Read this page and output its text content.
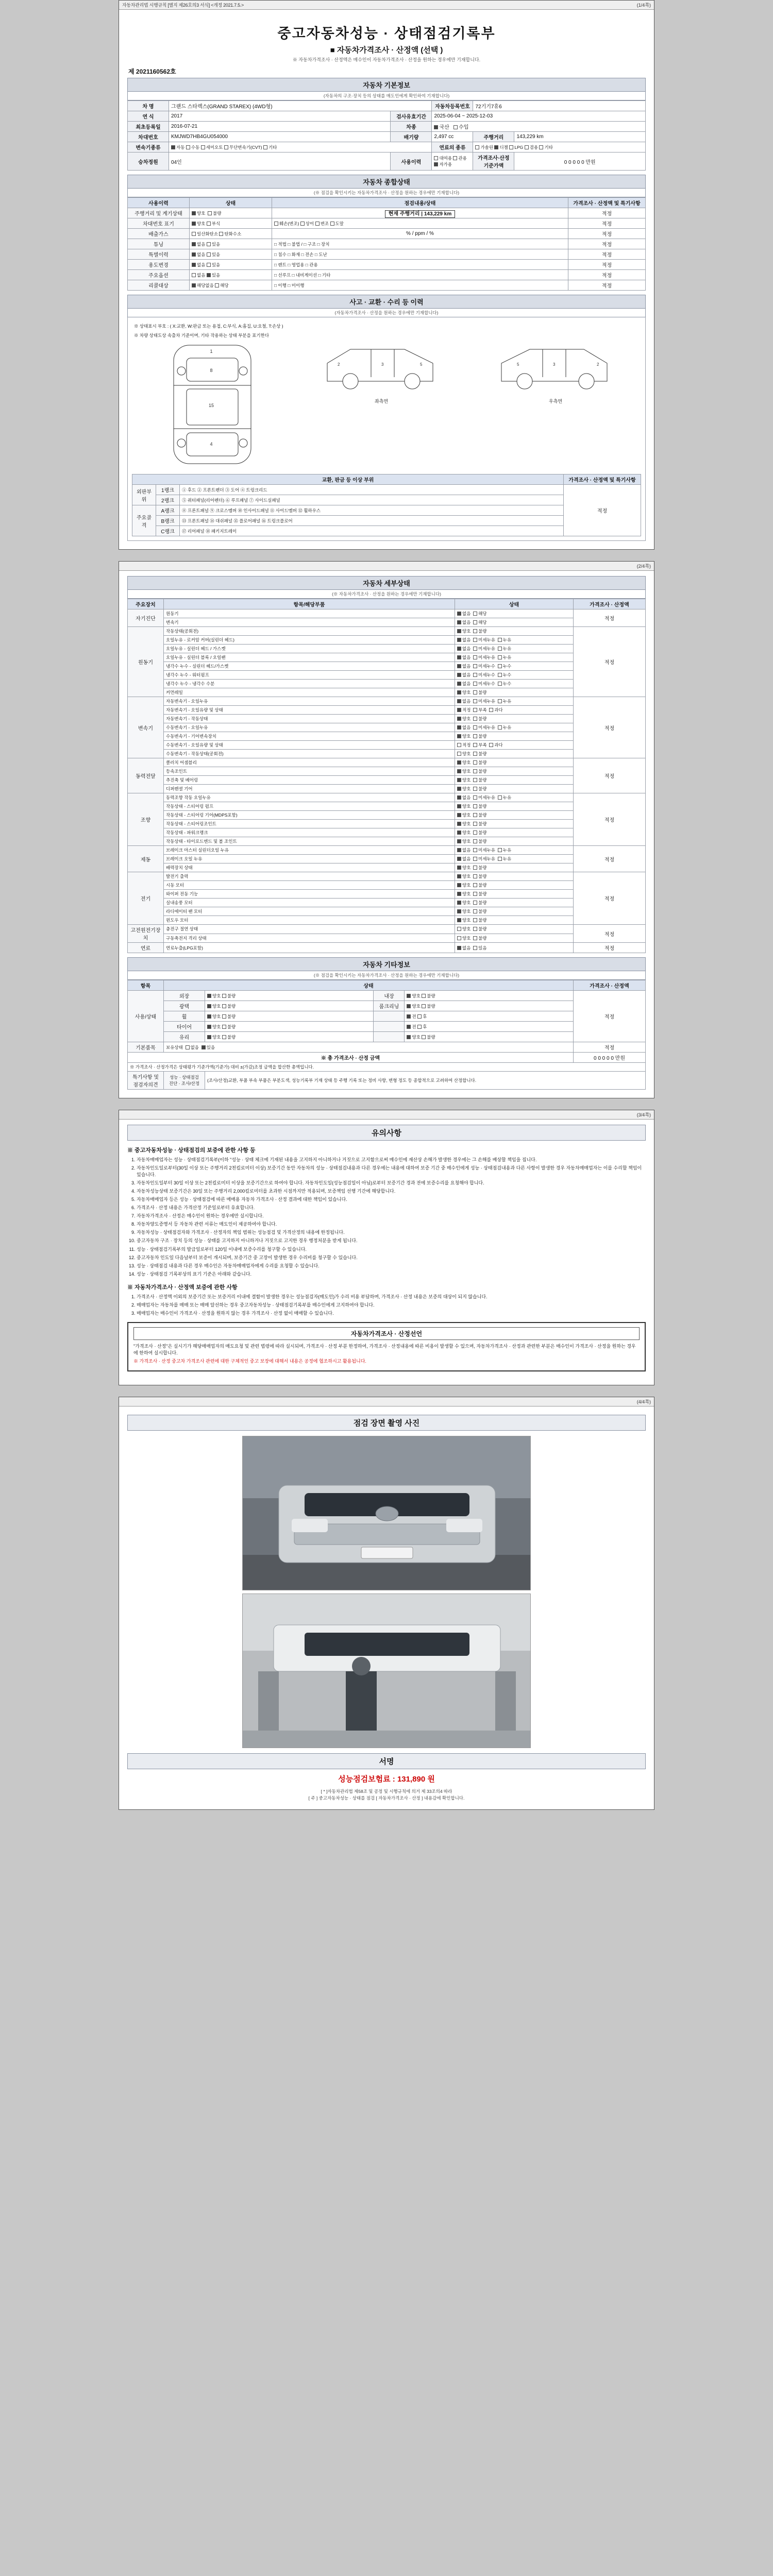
자동차관리법 시행규칙 [별지 제26호의3 서식] <개정 2021.7.5.>	(1/4쪽)
중고자동차성능 · 상태점검기록부
■ 자동차가격조사 · 산정액 (선택 )
※ 자동차가격조사 · 산정액은 매수인이 자동차가격조사 · 산정을 원하는 경우에만 기재합니다.
제 2021160562호
자동차 기본정보
(자동차의 구조·장치 등의 상태를 매도인에게 확인하여 기재합니다)
차 명	그랜드 스타렉스(GRAND STAREX) (4WD형)		자동차등록번호	72기기7휴6	
연 식	2017	검사유효기간	2025-06-04 ~ 2025-12-03		
최초등록일	2016-07-21	차종	국산 수입		
차대번호	KMJWD7HB4GU054000	배기량	2,497 cc	주행거리	143,229 km
변속기종류	자동 수동 세미오토 무단변속기(CVT) 기타		연료의 종류	가솔린 디젤 LPG 겸용 기타	
승차정원	04인	사용이력	대여용 관용 자가용	가격조사·산정 기준가액	0 0 0 0 0 만원
자동차 종합상태
(※ 점검을 확인시키는 자동차가격조사 · 산정을 원하는 경우에만 기재합니다)
사용이력	상태	점검내용/상태	가격조사 · 산정액 및 특기사항
주행거리 및 계기상태	양호 불량	현재 주행거리 | 143,229 km	적정
차대번호 표기	양호 부식	훼손(변조) 상이 변조 도말	적정
배출가스	일산화탄소 탄화수소	% / ppm / %	적정
튜닝	없음 있음	□ 적법 □ 불법 / □ 구조 □ 장치	적정
특별이력	없음 있음	□ 침수 □ 화재 □ 전손 □ 도난	적정
용도변경	없음 있음	□ 렌트 □ 영업용 □ 관용	적정
주요옵션	없음 있음	□ 선루프 □ 내비게이션 □ 기타	적정
리콜대상	해당없음 해당	□ 이행 □ 미이행	적정
사고 · 교환 · 수리 등 이력
(자동차가격조사 · 산정을 원하는 경우에만 기재합니다)
※ 상태표시 부호 : ( X:교환, W:판금 또는 용접, C:부식, A:흠집, U:요철, T:손상 )
※ 차량 상태도상 속출차 기준이며, 기타 작용하는 상태 부분을 표기한다
1
8
15
4
2	3	5
좌측면
5	3	2
우측면
교환, 판금 등 이상 부위			가격조사 · 산정액 및 특기사항
외판부위	1랭크	① 후드 ② 프론트펜더 ③ 도어 ④ 트렁크리드	적정
	2랭크	⑤ 쿼터패널(리어펜더) ⑥ 루프패널 ⑦ 사이드실패널	
주요골격	A랭크	⑧ 프론트패널 ⑨ 크로스멤버 ⑩ 인사이드패널 ⑪ 사이드멤버 ⑫ 휠하우스	
	B랭크	⑬ 프론트패널 ⑭ 대쉬패널 ⑮ 플로어패널 ⑯ 트렁크플로어	
	C랭크	⑰ 리어패널 ⑱ 패키지트레이	
(2/4쪽)
자동차 세부상태
(※ 자동차가격조사 · 산정을 원하는 경우에만 기재합니다)
주요장치	항목/해당부품	상태	가격조사 · 산정액
자기진단	원동기	없음 해당	적정
	변속기	없음 해당	
원동기	작동상태(공회전)	양호 불량	적정
	오일누유 - 로커암 커버(실린더 헤드)	없음 미세누유 누유	
	오일누유 - 실린더 헤드 / 가스켓	없음 미세누유 누유	
	오일누유 - 실린더 블록 / 오일팬	없음 미세누유 누유	
	냉각수 누수 - 실린더 헤드/가스켓	없음 미세누수 누수	
	냉각수 누수 - 워터펌프	없음 미세누수 누수	
	냉각수 누수 - 냉각수 수분	없음 미세누수 누수	
	커먼레일	양호 불량	
변속기	자동변속기 - 오일누유	없음 미세누유 누유	적정
	자동변속기 - 오일유량 및 상태	적정 부족 과다	
	자동변속기 - 작동상태	양호 불량	
	수동변속기 - 오일누유	없음 미세누유 누유	
	수동변속기 - 기어변속장치	양호 불량	
	수동변속기 - 오일유량 및 상태	적정 부족 과다	
	수동변속기 - 작동상태(공회전)	양호 불량	
동력전달	클러치 어셈블리	양호 불량	적정
	등속조인트	양호 불량	
	추진축 및 베어링	양호 불량	
	디퍼렌셜 기어	양호 불량	
조향	동력조향 작동 오일누유	없음 미세누유 누유	적정
	작동상태 - 스티어링 펌프	양호 불량	
	작동상태 - 스티어링 기어(MDPS포함)	양호 불량	
	작동상태 - 스티어링조인트	양호 불량	
	작동상태 - 파워크랭크	양호 불량	
	작동상태 - 타이로드엔드 및 볼 조인트	양호 불량	
제동	브레이크 마스터 실린더오일 누유	없음 미세누유 누유	적정
	브레이크 오일 누유	없음 미세누유 누유	
	배력장치 상태	양호 불량	
전기	발전기 출력	양호 불량	적정
	시동 모터	양호 불량	
	와이퍼 전동 기능	양호 불량	
	실내송풍 모터	양호 불량	
	라디에이터 팬 모터	양호 불량	
	윈도우 모터	양호 불량	
고전원전기장치	충전구 절연 상태	양호 불량	적정
	구동축전지 격리 상태	양호 불량	
연료	연료누출(LPG포함)	없음 있음	적정
자동차 기타정보
(※ 점검을 확인시키는 자동차가격조사 · 산정을 원하는 경우에만 기재합니다)
항목	상태				가격조사 · 산정액
사용/상태	외장	양호 불량	내장	양호 불량	적정
	광택	양호 불량	룸크리닝	양호 불량	
	휠	양호 불량		전 후	
	타이어	양호 불량		전 후	
	유리	양호 불량		양호 불량	
기본품목	보유상태 없음 있음				적정
※ 총 가격조사 · 산정 금액					0 0 0 0 0 만원
※ 가격조사 · 산정가격은 상태평가 기준가액(기준가) 대비 ±(가감)조정 금액을 합산한 총액입니다.					
특기사항 및 점검자의견	성능 · 상태점검
진단 · 조사/산정	(조사/산정)교환, 부품 부속 부품은 부분도색, 성능기록부 기재 상태 등 주행 기록 또는 정비 사항, 변형 정도 등 종합적으로 고려하여 산정합니다.			
(3/4쪽)
유의사항
※ 중고자동차성능 · 상태점검의 보증에 관한 사항 등
1. 자동차매매업자는 성능 · 상태점검기록부(이하 "성능 · 상태 체크에 기재된 내용을 고지하지 아니하거나 거짓으로 고지함으로써 매수인에 재산상 손해가 발생한 경우에는 그 손해를 배상할 책임을 집니다.
2. 자동차인도일로부터(30일 이상 또는 주행거리 2천킬로미터 이상) 보증기간 동안 자동차의 성능 · 상태점검내용과 다른 경우에는 내용에 대하여 보증 기간 중 매수인에게 성능 · 상태점검내용과 다른 사항이 발생한 경우 자동차매매업자는 이를 수리할 책임이 있습니다.
3. 자동차인도일부터 30일 이상 또는 2천킬로미터 이상을 보증기간으로 하여야 합니다. 자동차인도일(성능점검일이 아님)로부터 보증기간 경과 전에 보증수리를 요청해야 합니다.
4. 자동차성능상태 보증기간은 30일 또는 주행거리 2,000킬로미터를 초과한 시점까지만 적용되며, 보증책임 선행 기간에 해당합니다.
5. 자동차매매업자 등은 성능 · 상태점검에 따른 매매용 자동차 가격조사 · 산정 결과에 대한 책임이 있습니다.
6. 가격조사 · 산정 내용은 가격산정 기준일로부터 유효합니다.
7. 자동차가격조사 · 산정은 매수인이 원하는 경우에만 실시합니다.
8. 자동차양도증명서 등 자동차 관련 서류는 매도인이 제공하여야 합니다.
9. 자동차성능 · 상태점검자와 가격조사 · 산정자의 책임 범위는 성능점검 및 가격산정의 내용에 한정됩니다.
10. 중고자동차 구조 · 장치 등의 성능 · 상태를 고지하지 아니하거나 거짓으로 고지한 경우 행정처분을 받게 됩니다.
11. 성능 · 상태점검기록부의 발급일로부터 120일 이내에 보증수리를 청구할 수 있습니다.
12. 중고자동차 인도일 다음날부터 보증이 개시되며, 보증기간 중 고장이 발생한 경우 수리비를 청구할 수 있습니다.
13. 성능 · 상태점검 내용과 다른 경우 매수인은 자동차매매업자에게 수리를 요청할 수 있습니다.
14. 성능 · 상태점검 기록부상의 표기 기준은 아래와 같습니다.
※ 자동차가격조사 · 산정액 보증에 관한 사항
1. 가격조사 · 산정액 이외의 보증기간 또는 보증거리 이내에 결함이 발생한 경우는 성능점검자(매도인)가 수리 비용 부담하며, 가격조사 · 산정 내용은 보증의 대상이 되지 않습니다.
2. 매매업자는 자동차를 매매 또는 매매 알선하는 경우 중고자동차성능 · 상태점검기록부를 매수인에게 고지하여야 합니다.
3. 매매업자는 매수인이 가격조사 · 산정을 원하지 않는 경우 가격조사 · 산정 없이 매매할 수 있습니다.
자동차가격조사 · 산정선언

"가격조사 · 산정"은 실시기가 해당매매업자의 매도요청 및 관련 법령에 따라 실시되며, 가격조사 · 산정 부분 한정하여, 가격조사 · 산정내용에 따른 비용이 발생할 수 있으며, 자동차가격조사 · 산정과 관련한 부분은 매수인이 가격조사 · 산정을 원하는 경우에 한하여 실시합니다.

※ 가격조사 · 산정 중고차 가격조사 관련에 대한 구체적인 중고 보장에 대해서 내용은 공정에 협조하시고 활용됩니다.

(4/4쪽)
점검 장면 촬영 사진
서명
성능점검보험료 : 131,890 원
[ * ]자동차관리법 제58조 및 공정 및 시행규칙에 의거 제 33조의4 따라
[ 주 ] 중고자동차성능 · 상태를 점검 [ 자동차가격조사 · 산정 ] 내용감에 확인합니다.
